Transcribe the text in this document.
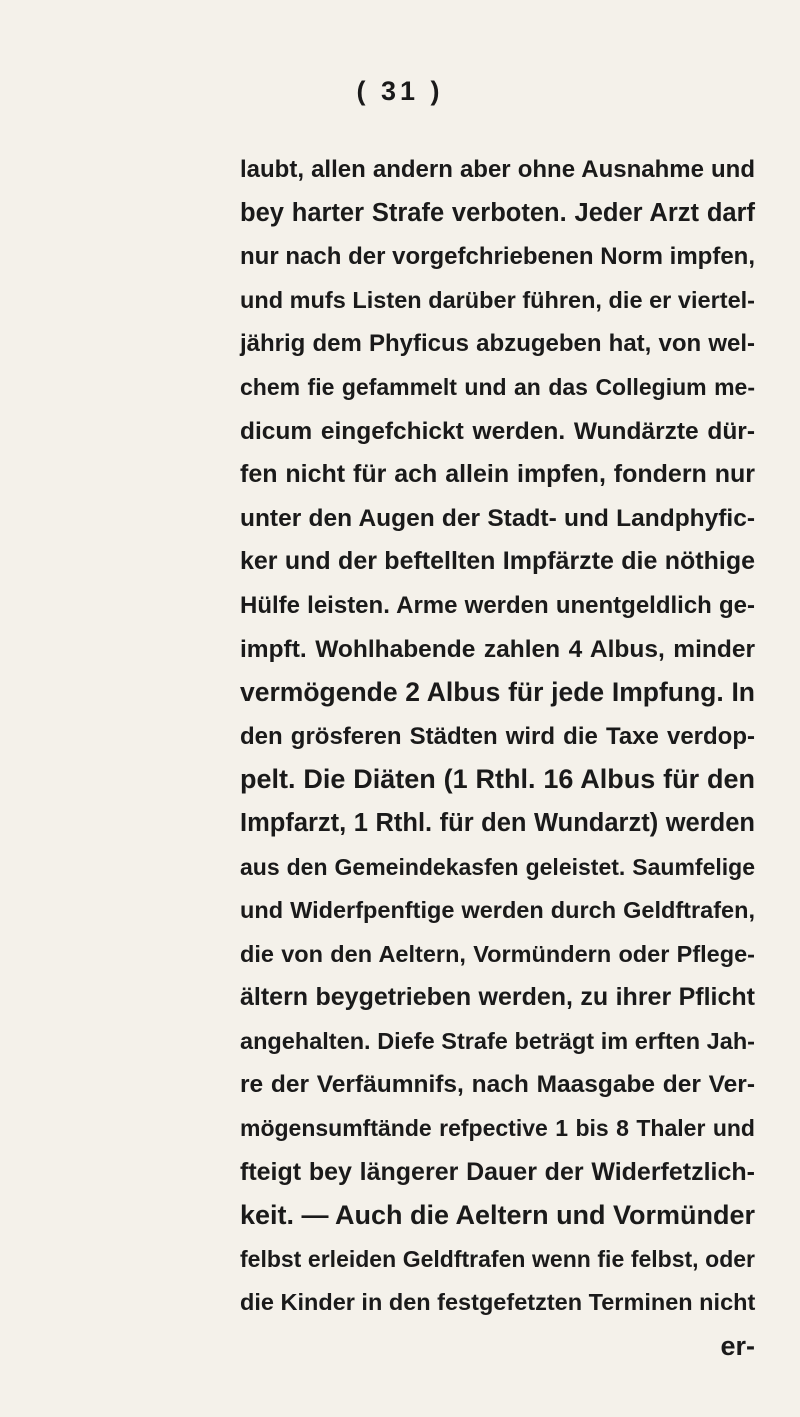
( 31 )
laubt, allen andern aber ohne Ausnahme und
bey harter Strafe verboten. Jeder Arzt darf
nur nach der vorgefchriebenen Norm impfen,
und mufs Listen darüber führen, die er viertel-
jährig dem Phyficus abzugeben hat, von wel-
chem fie gefammelt und an das Collegium me-
dicum eingefchickt werden. Wundärzte dür-
fen nicht für ach allein impfen, fondern nur
unter den Augen der Stadt- und Landphyfic-
ker und der beftellten Impfärzte die nöthige
Hülfe leisten. Arme werden unentgeldlich ge-
impft. Wohlhabende zahlen 4 Albus, minder
vermögende 2 Albus für jede Impfung. In
den grösferen Städten wird die Taxe verdop-
pelt. Die Diäten (1 Rthl. 16 Albus für den
Impfarzt, 1 Rthl. für den Wundarzt) werden
aus den Gemeindekasfen geleistet. Saumfelige
und Widerfpenftige werden durch Geldftrafen,
die von den Aeltern, Vormündern oder Pflege-
ältern beygetrieben werden, zu ihrer Pflicht
angehalten. Diefe Strafe beträgt im erften Jah-
re der Verfäumnifs, nach Maasgabe der Ver-
mögensumftände refpective 1 bis 8 Thaler und
fteigt bey längerer Dauer der Widerfetzlich-
keit. — Auch die Aeltern und Vormünder
felbst erleiden Geldftrafen wenn fie felbst, oder
die Kinder in den festgefetzten Terminen nicht
er-
